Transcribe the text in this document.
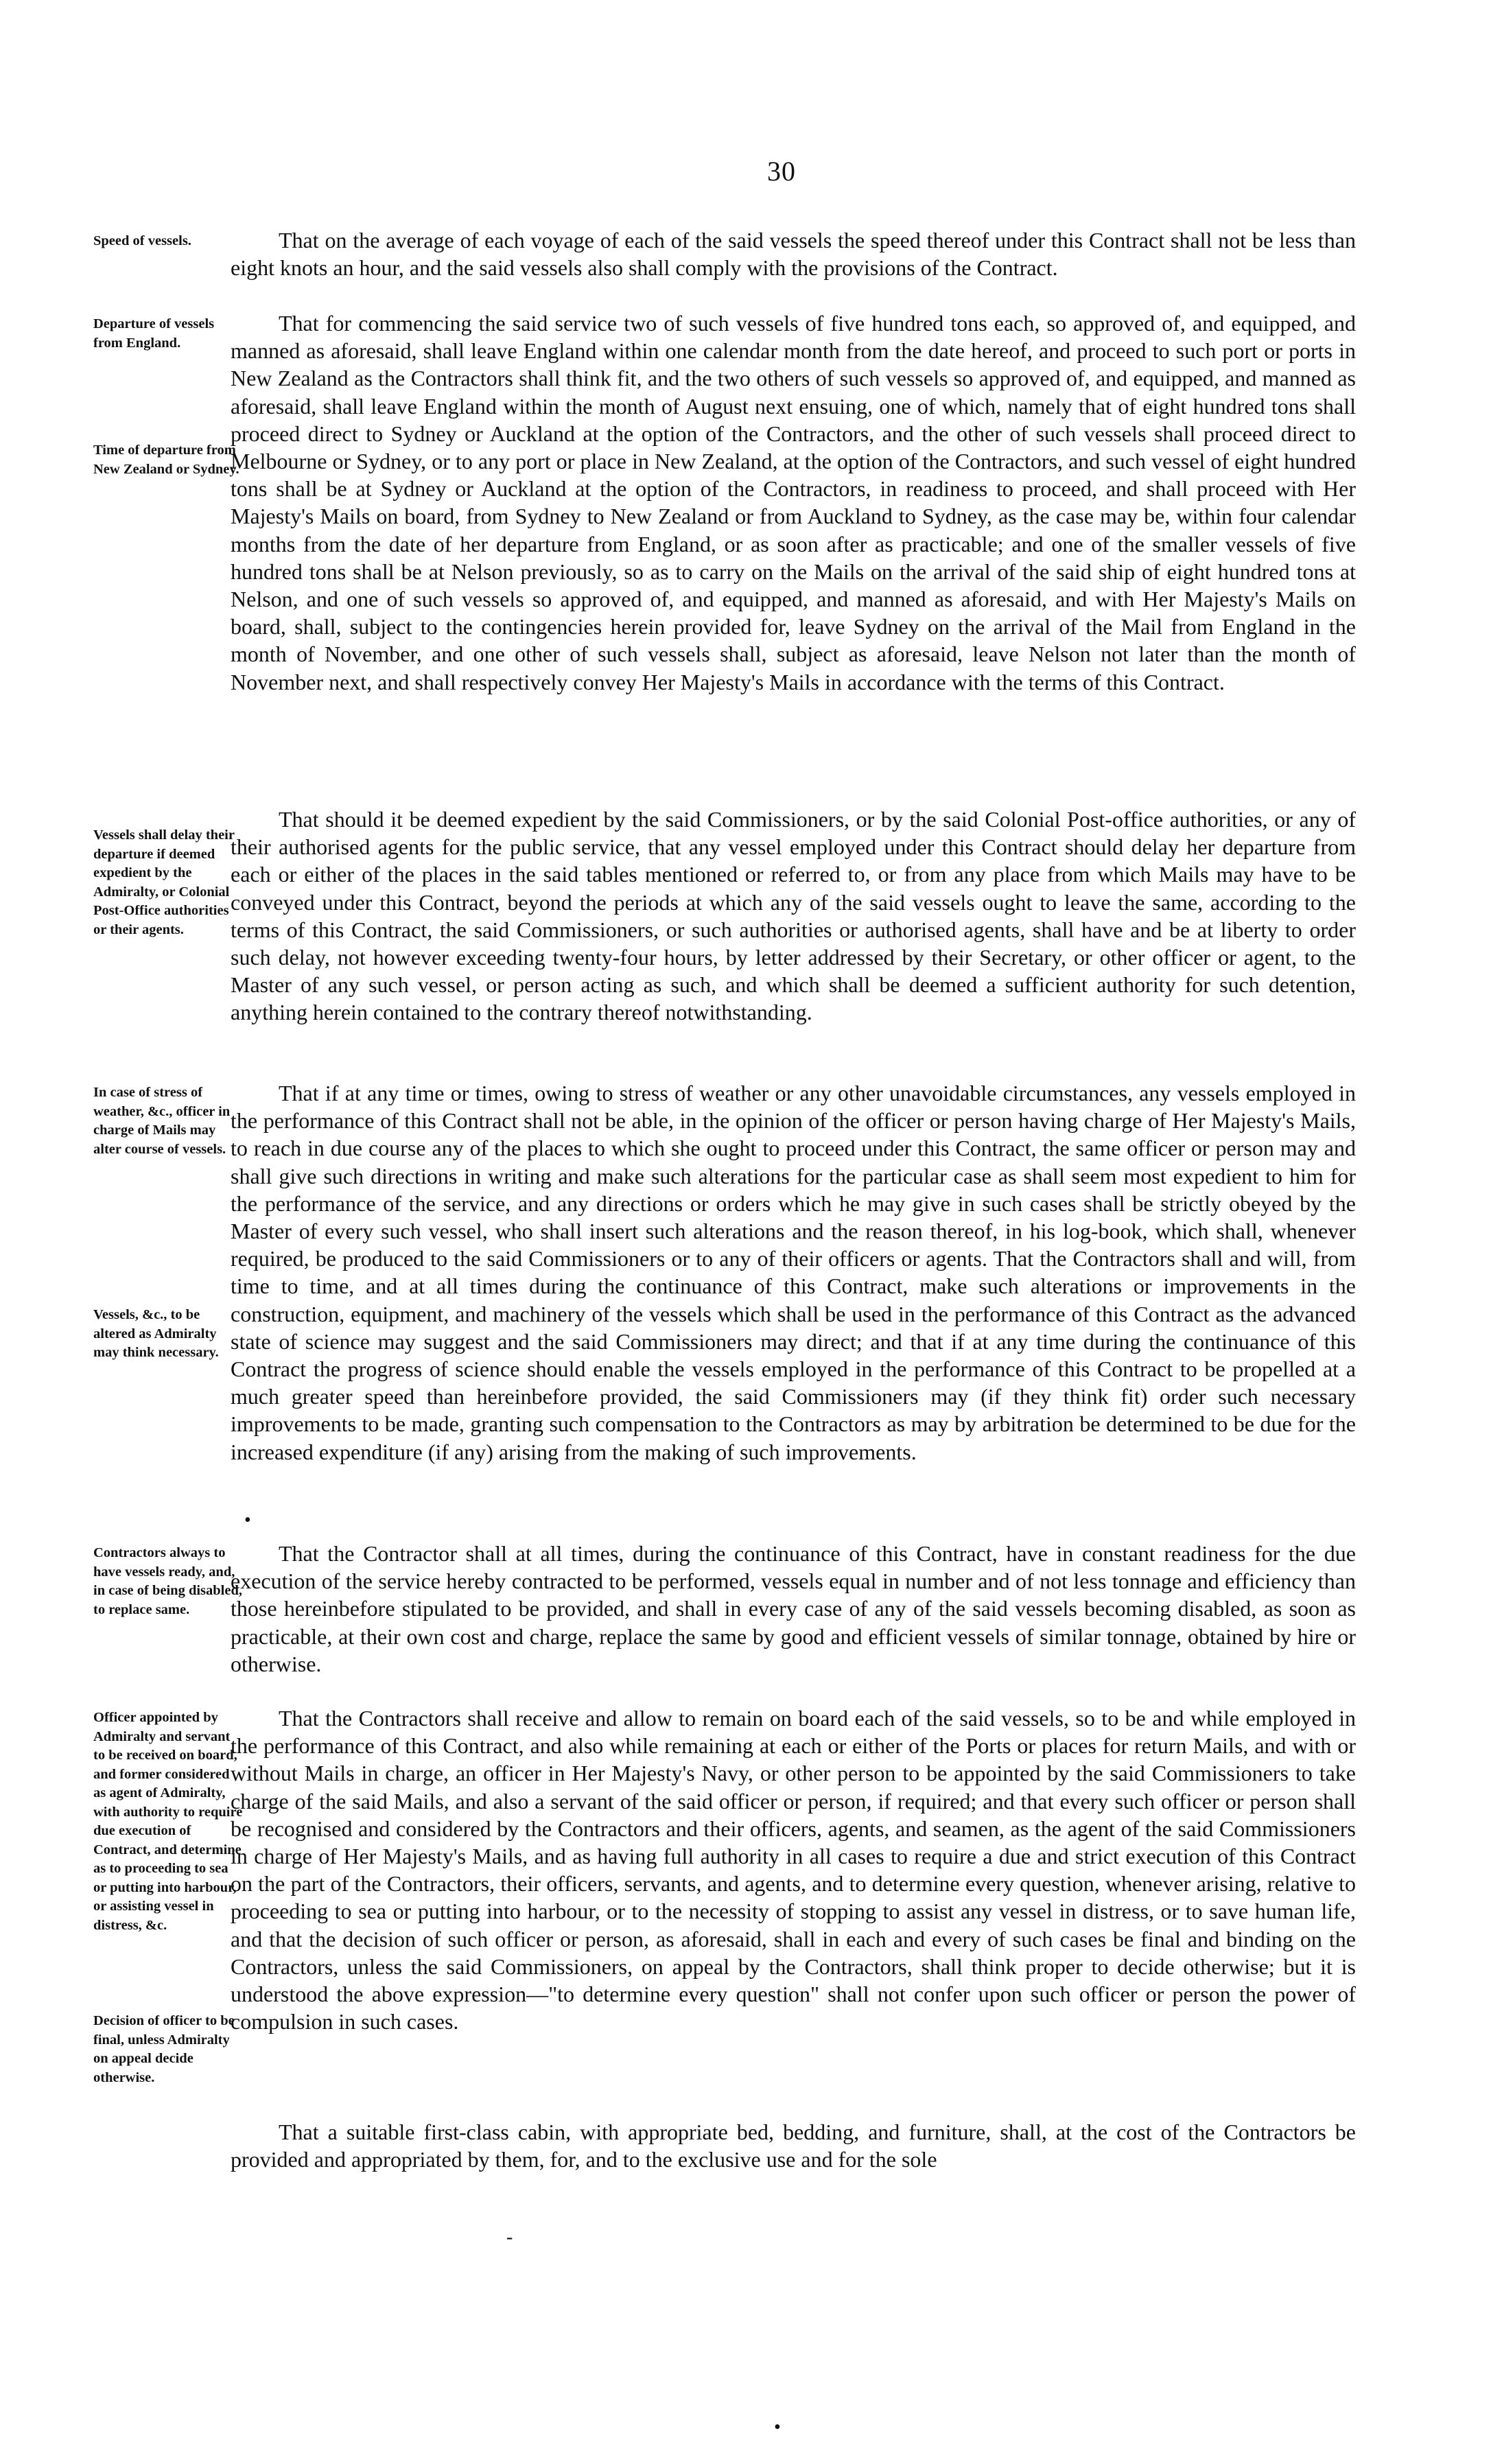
30
Speed of vessels.	That on the average of each voyage of each of the said vessels the speed thereof under this Contract shall not be less than eight knots an hour, and the said vessels also shall comply with the provisions of the Contract.
Departure of vessels from England.
Time of departure from New Zealand or Sydney.
That for commencing the said service two of such vessels of five hundred tons each, so approved of, and equipped, and manned as aforesaid, shall leave England within one calendar month from the date hereof, and proceed to such port or ports in New Zealand as the Contractors shall think fit, and the two others of such vessels so approved of, and equipped, and manned as aforesaid, shall leave England within the month of August next ensuing, one of which, namely that of eight hundred tons shall proceed direct to Sydney or Auckland at the option of the Contractors, and the other of such vessels shall proceed direct to Melbourne or Sydney, or to any port or place in New Zealand, at the option of the Contractors, and such vessel of eight hundred tons shall be at Sydney or Auckland at the option of the Contractors, in readiness to proceed, and shall proceed with Her Majesty's Mails on board, from Sydney to New Zealand or from Auckland to Sydney, as the case may be, within four calendar months from the date of her departure from England, or as soon after as practicable; and one of the smaller vessels of five hundred tons shall be at Nelson previously, so as to carry on the Mails on the arrival of the said ship of eight hundred tons at Nelson, and one of such vessels so approved of, and equipped, and manned as aforesaid, and with Her Majesty's Mails on board, shall, subject to the contingencies herein provided for, leave Sydney on the arrival of the Mail from England in the month of November, and one other of such vessels shall, subject as aforesaid, leave Nelson not later than the month of November next, and shall respectively convey Her Majesty's Mails in accordance with the terms of this Contract.
Vessels shall delay their departure if deemed expedient by the Admiralty, or Colonial Post-Office authorities or their agents.
That should it be deemed expedient by the said Commissioners, or by the said Colonial Post-office authorities, or any of their authorised agents for the public service, that any vessel employed under this Contract should delay her departure from each or either of the places in the said tables mentioned or referred to, or from any place from which Mails may have to be conveyed under this Contract, beyond the periods at which any of the said vessels ought to leave the same, according to the terms of this Contract, the said Commissioners, or such authorities or authorised agents, shall have and be at liberty to order such delay, not however exceeding twenty-four hours, by letter addressed by their Secretary, or other officer or agent, to the Master of any such vessel, or person acting as such, and which shall be deemed a sufficient authority for such detention, anything herein contained to the contrary thereof notwithstanding.
In case of stress of weather, &c., officer in charge of Mails may alter course of vessels.
Vessels, &c., to be altered as Admiralty may think necessary.
That if at any time or times, owing to stress of weather or any other unavoidable circumstances, any vessels employed in the performance of this Contract shall not be able, in the opinion of the officer or person having charge of Her Majesty's Mails, to reach in due course any of the places to which she ought to proceed under this Contract, the same officer or person may and shall give such directions in writing and make such alterations for the particular case as shall seem most expedient to him for the performance of the service, and any directions or orders which he may give in such cases shall be strictly obeyed by the Master of every such vessel, who shall insert such alterations and the reason thereof, in his log-book, which shall, whenever required, be produced to the said Commissioners or to any of their officers or agents. That the Contractors shall and will, from time to time, and at all times during the continuance of this Contract, make such alterations or improvements in the construction, equipment, and machinery of the vessels which shall be used in the performance of this Contract as the advanced state of science may suggest and the said Commissioners may direct; and that if at any time during the continuance of this Contract the progress of science should enable the vessels employed in the performance of this Contract to be propelled at a much greater speed than hereinbefore provided, the said Commissioners may (if they think fit) order such necessary improvements to be made, granting such compensation to the Contractors as may by arbitration be determined to be due for the increased expenditure (if any) arising from the making of such improvements.
Contractors always to have vessels ready, and, in case of being disabled, to replace same.
That the Contractor shall at all times, during the continuance of this Contract, have in constant readiness for the due execution of the service hereby contracted to be performed, vessels equal in number and of not less tonnage and efficiency than those hereinbefore stipulated to be provided, and shall in every case of any of the said vessels becoming disabled, as soon as practicable, at their own cost and charge, replace the same by good and efficient vessels of similar tonnage, obtained by hire or otherwise.
Officer appointed by Admiralty and servant to be received on board, and former considered as agent of Admiralty, with authority to require due execution of Contract, and determine as to proceeding to sea or putting into harbour, or assisting vessel in distress, &c.
Decision of officer to be final, unless Admiralty on appeal decide otherwise.
That the Contractors shall receive and allow to remain on board each of the said vessels, so to be and while employed in the performance of this Contract, and also while remaining at each or either of the Ports or places for return Mails, and with or without Mails in charge, an officer in Her Majesty's Navy, or other person to be appointed by the said Commissioners to take charge of the said Mails, and also a servant of the said officer or person, if required; and that every such officer or person shall be recognised and considered by the Contractors and their officers, agents, and seamen, as the agent of the said Commissioners in charge of Her Majesty's Mails, and as having full authority in all cases to require a due and strict execution of this Contract on the part of the Contractors, their officers, servants, and agents, and to determine every question, whenever arising, relative to proceeding to sea or putting into harbour, or to the necessity of stopping to assist any vessel in distress, or to save human life, and that the decision of such officer or person, as aforesaid, shall in each and every of such cases be final and binding on the Contractors, unless the said Commissioners, on appeal by the Contractors, shall think proper to decide otherwise; but it is understood the above expression—"to determine every question" shall not confer upon such officer or person the power of compulsion in such cases.
That a suitable first-class cabin, with appropriate bed, bedding, and furniture, shall, at the cost of the Contractors be provided and appropriated by them, for, and to the exclusive use and for the sole
•
-
•
